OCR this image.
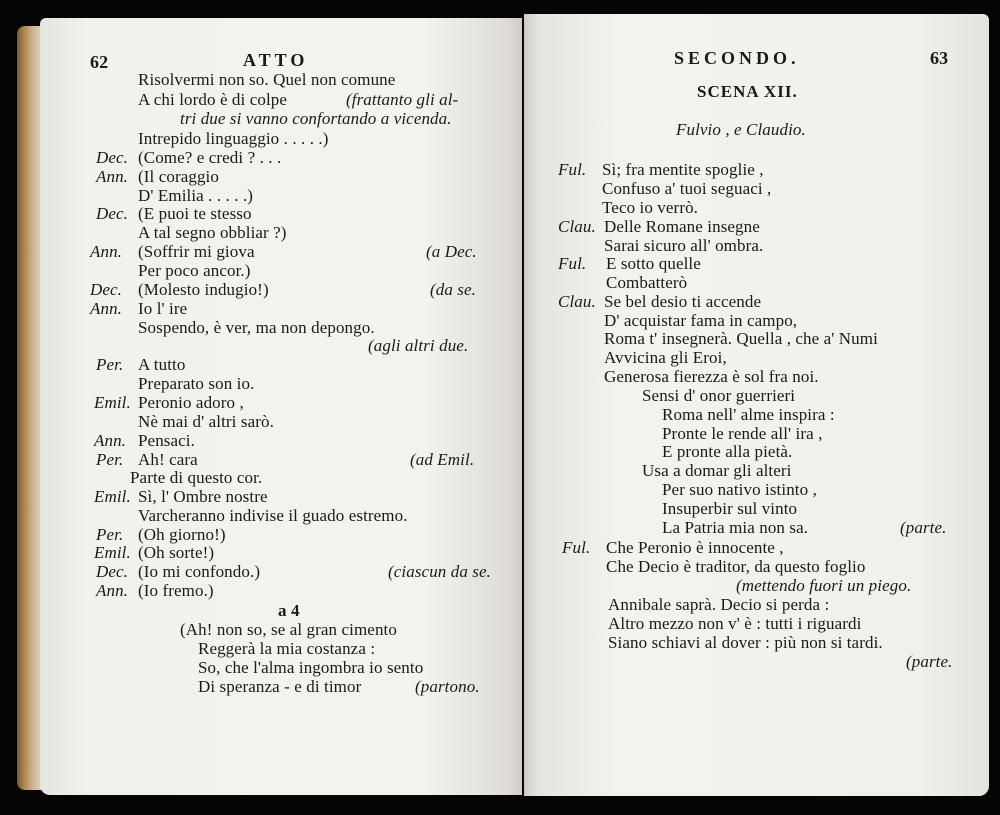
62	ATTO
Risolvermi non so. Quel non comune
A chi lordo è di colpe	(frattanto gli al-
tri due si vanno confortando a vicenda.
Intrepido linguaggio . . . . .)
Dec. (Come? e credi ? . . .
Ann. (Il coraggio
D' Emilia . . . . .)
Dec. (E puoi te stesso
A tal segno obbliar ?)
Ann. (Soffrir mi giova	(a Dec.
Per poco ancor.)
Dec. (Molesto indugio!)	(da se.
Ann. Io l' ire
Sospendo, è ver, ma non depongo.
(agli altri due.
Per. A tutto
Preparato son io.
Emil. Peronio adoro ,
Nè mai d' altri sarò.
Ann. Pensaci.
Per. Ah! cara	(ad Emil.
Parte di questo cor.
Emil. Sì, l' Ombre nostre
Varcheranno indivise il guado estremo.
Per. (Oh giorno!)
Emil. (Oh sorte!)
Dec. (Io mi confondo.)	(ciascun da se.
Ann. (Io fremo.)
a 4
(Ah! non so, se al gran cimento
Reggerà la mia costanza :
So, che l'alma ingombra io sento
Di speranza - e di timor	(partono.
SECONDO.	63
SCENA XII.
Fulvio , e Claudio.
Ful. Sì; fra mentite spoglie ,
Confuso a' tuoi seguaci ,
Teco io verrò.
Clau. Delle Romane insegne
Sarai sicuro all' ombra.
Ful. E sotto quelle
Combatterò
Clau. Se bel desio ti accende
D' acquistar fama in campo,
Roma t' insegnerà. Quella , che a' Numi
Avvicina gli Eroi,
Generosa fierezza è sol fra noi.
Sensi d' onor guerrieri
Roma nell' alme inspira :
Pronte le rende all' ira ,
E pronte alla pietà.
Usa a domar gli alteri
Per suo nativo istinto ,
Insuperbir sul vinto
La Patria mia non sa.	(parte.
Ful. Che Peronio è innocente ,
Che Decio è traditor, da questo foglio
(mettendo fuori un piego.
Annibale saprà. Decio si perda :
Altro mezzo non v' è : tutti i riguardi
Siano schiavi al dover : più non si tardi.
(parte.
